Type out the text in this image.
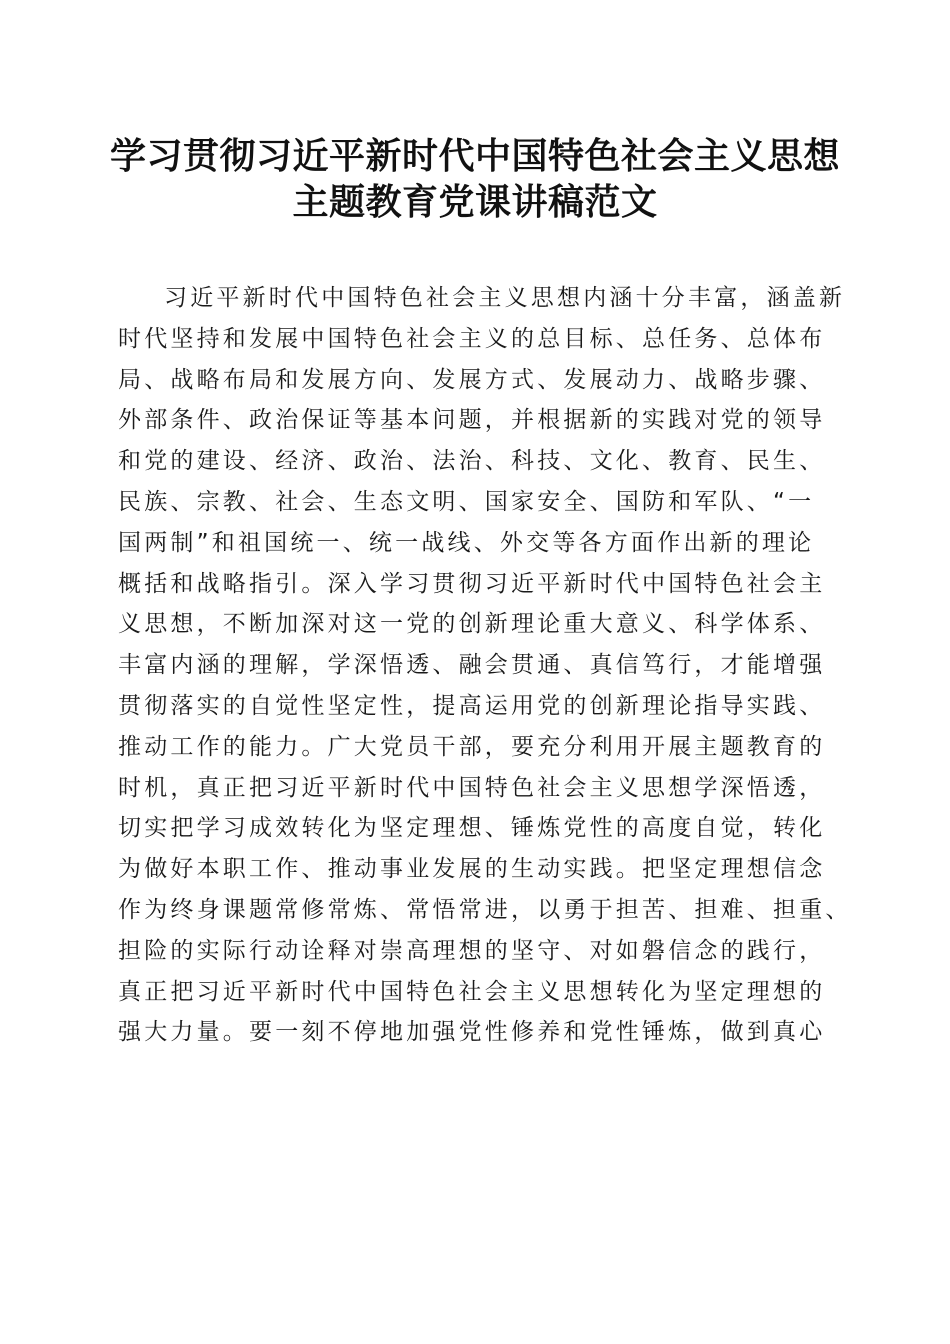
学习贯彻习近平新时代中国特色社会主义思想
主题教育党课讲稿范文
习近平新时代中国特色社会主义思想内涵十分丰富，涵盖新
时代坚持和发展中国特色社会主义的总目标、总任务、总体布
局、战略布局和发展方向、发展方式、发展动力、战略步骤、
外部条件、政治保证等基本问题，并根据新的实践对党的领导
和党的建设、经济、政治、法治、科技、文化、教育、民生、
民族、宗教、社会、生态文明、国家安全、国防和军队、“一
国两制”和祖国统一、统一战线、外交等各方面作出新的理论
概括和战略指引。深入学习贯彻习近平新时代中国特色社会主
义思想，不断加深对这一党的创新理论重大意义、科学体系、
丰富内涵的理解，学深悟透、融会贯通、真信笃行，才能增强
贯彻落实的自觉性坚定性，提高运用党的创新理论指导实践、
推动工作的能力。广大党员干部，要充分利用开展主题教育的
时机，真正把习近平新时代中国特色社会主义思想学深悟透，
切实把学习成效转化为坚定理想、锤炼党性的高度自觉，转化
为做好本职工作、推动事业发展的生动实践。把坚定理想信念
作为终身课题常修常炼、常悟常进，以勇于担苦、担难、担重、
担险的实际行动诠释对崇高理想的坚守、对如磐信念的践行，
真正把习近平新时代中国特色社会主义思想转化为坚定理想的
强大力量。要一刻不停地加强党性修养和党性锤炼，做到真心
